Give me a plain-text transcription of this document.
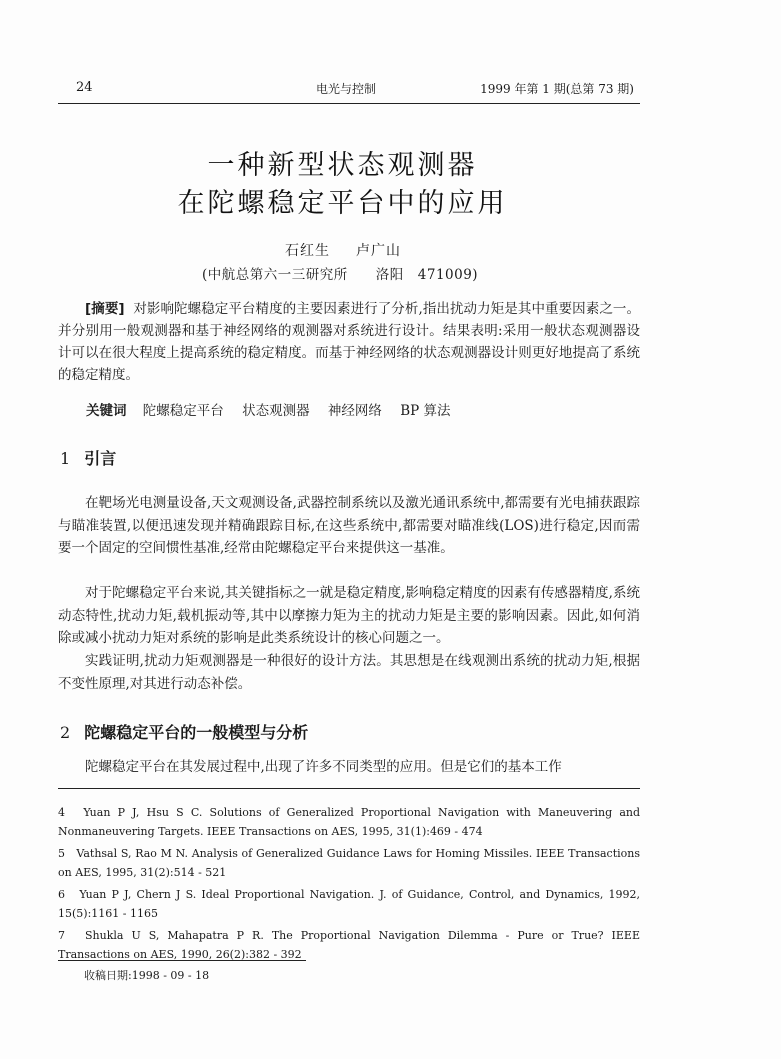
24	电光与控制	1999 年第 1 期(总第 73 期)
一种新型状态观测器
在陀螺稳定平台中的应用
石红生 卢广山
(中航总第六一三研究所　　洛阳　471009)
[摘要] 对影响陀螺稳定平台精度的主要因素进行了分析,指出扰动力矩是其中重要因素之一。并分别用一般观测器和基于神经网络的观测器对系统进行设计。结果表明:采用一般状态观测器设计可以在很大程度上提高系统的稳定精度。而基于神经网络的状态观测器设计则更好地提高了系统的稳定精度。
关键词 陀螺稳定平台 状态观测器 神经网络 BP 算法
1 引言
在靶场光电测量设备,天文观测设备,武器控制系统以及激光通讯系统中,都需要有光电捕获跟踪与瞄准装置,以便迅速发现并精确跟踪目标,在这些系统中,都需要对瞄准线(LOS)进行稳定,因而需要一个固定的空间惯性基准,经常由陀螺稳定平台来提供这一基准。
对于陀螺稳定平台来说,其关键指标之一就是稳定精度,影响稳定精度的因素有传感器精度,系统动态特性,扰动力矩,载机振动等,其中以摩擦力矩为主的扰动力矩是主要的影响因素。因此,如何消除或减小扰动力矩对系统的影响是此类系统设计的核心问题之一。
实践证明,扰动力矩观测器是一种很好的设计方法。其思想是在线观测出系统的扰动力矩,根据不变性原理,对其进行动态补偿。
2 陀螺稳定平台的一般模型与分析
陀螺稳定平台在其发展过程中,出现了许多不同类型的应用。但是它们的基本工作
4　Yuan P J, Hsu S C. Solutions of Generalized Proportional Navigation with Maneuvering and Nonmaneuvering Targets. IEEE Transactions on AES, 1995, 31(1):469 - 474
5　Vathsal S, Rao M N. Analysis of Generalized Guidance Laws for Homing Missiles. IEEE Transactions on AES, 1995, 31(2):514 - 521
6　Yuan P J, Chern J S. Ideal Proportional Navigation. J. of Guidance, Control, and Dynamics, 1992, 15(5):1161 - 1165
7　Shukla U S, Mahapatra P R. The Proportional Navigation Dilemma - Pure or True? IEEE Transactions on AES, 1990, 26(2):382 - 392
收稿日期:1998 - 09 - 18
